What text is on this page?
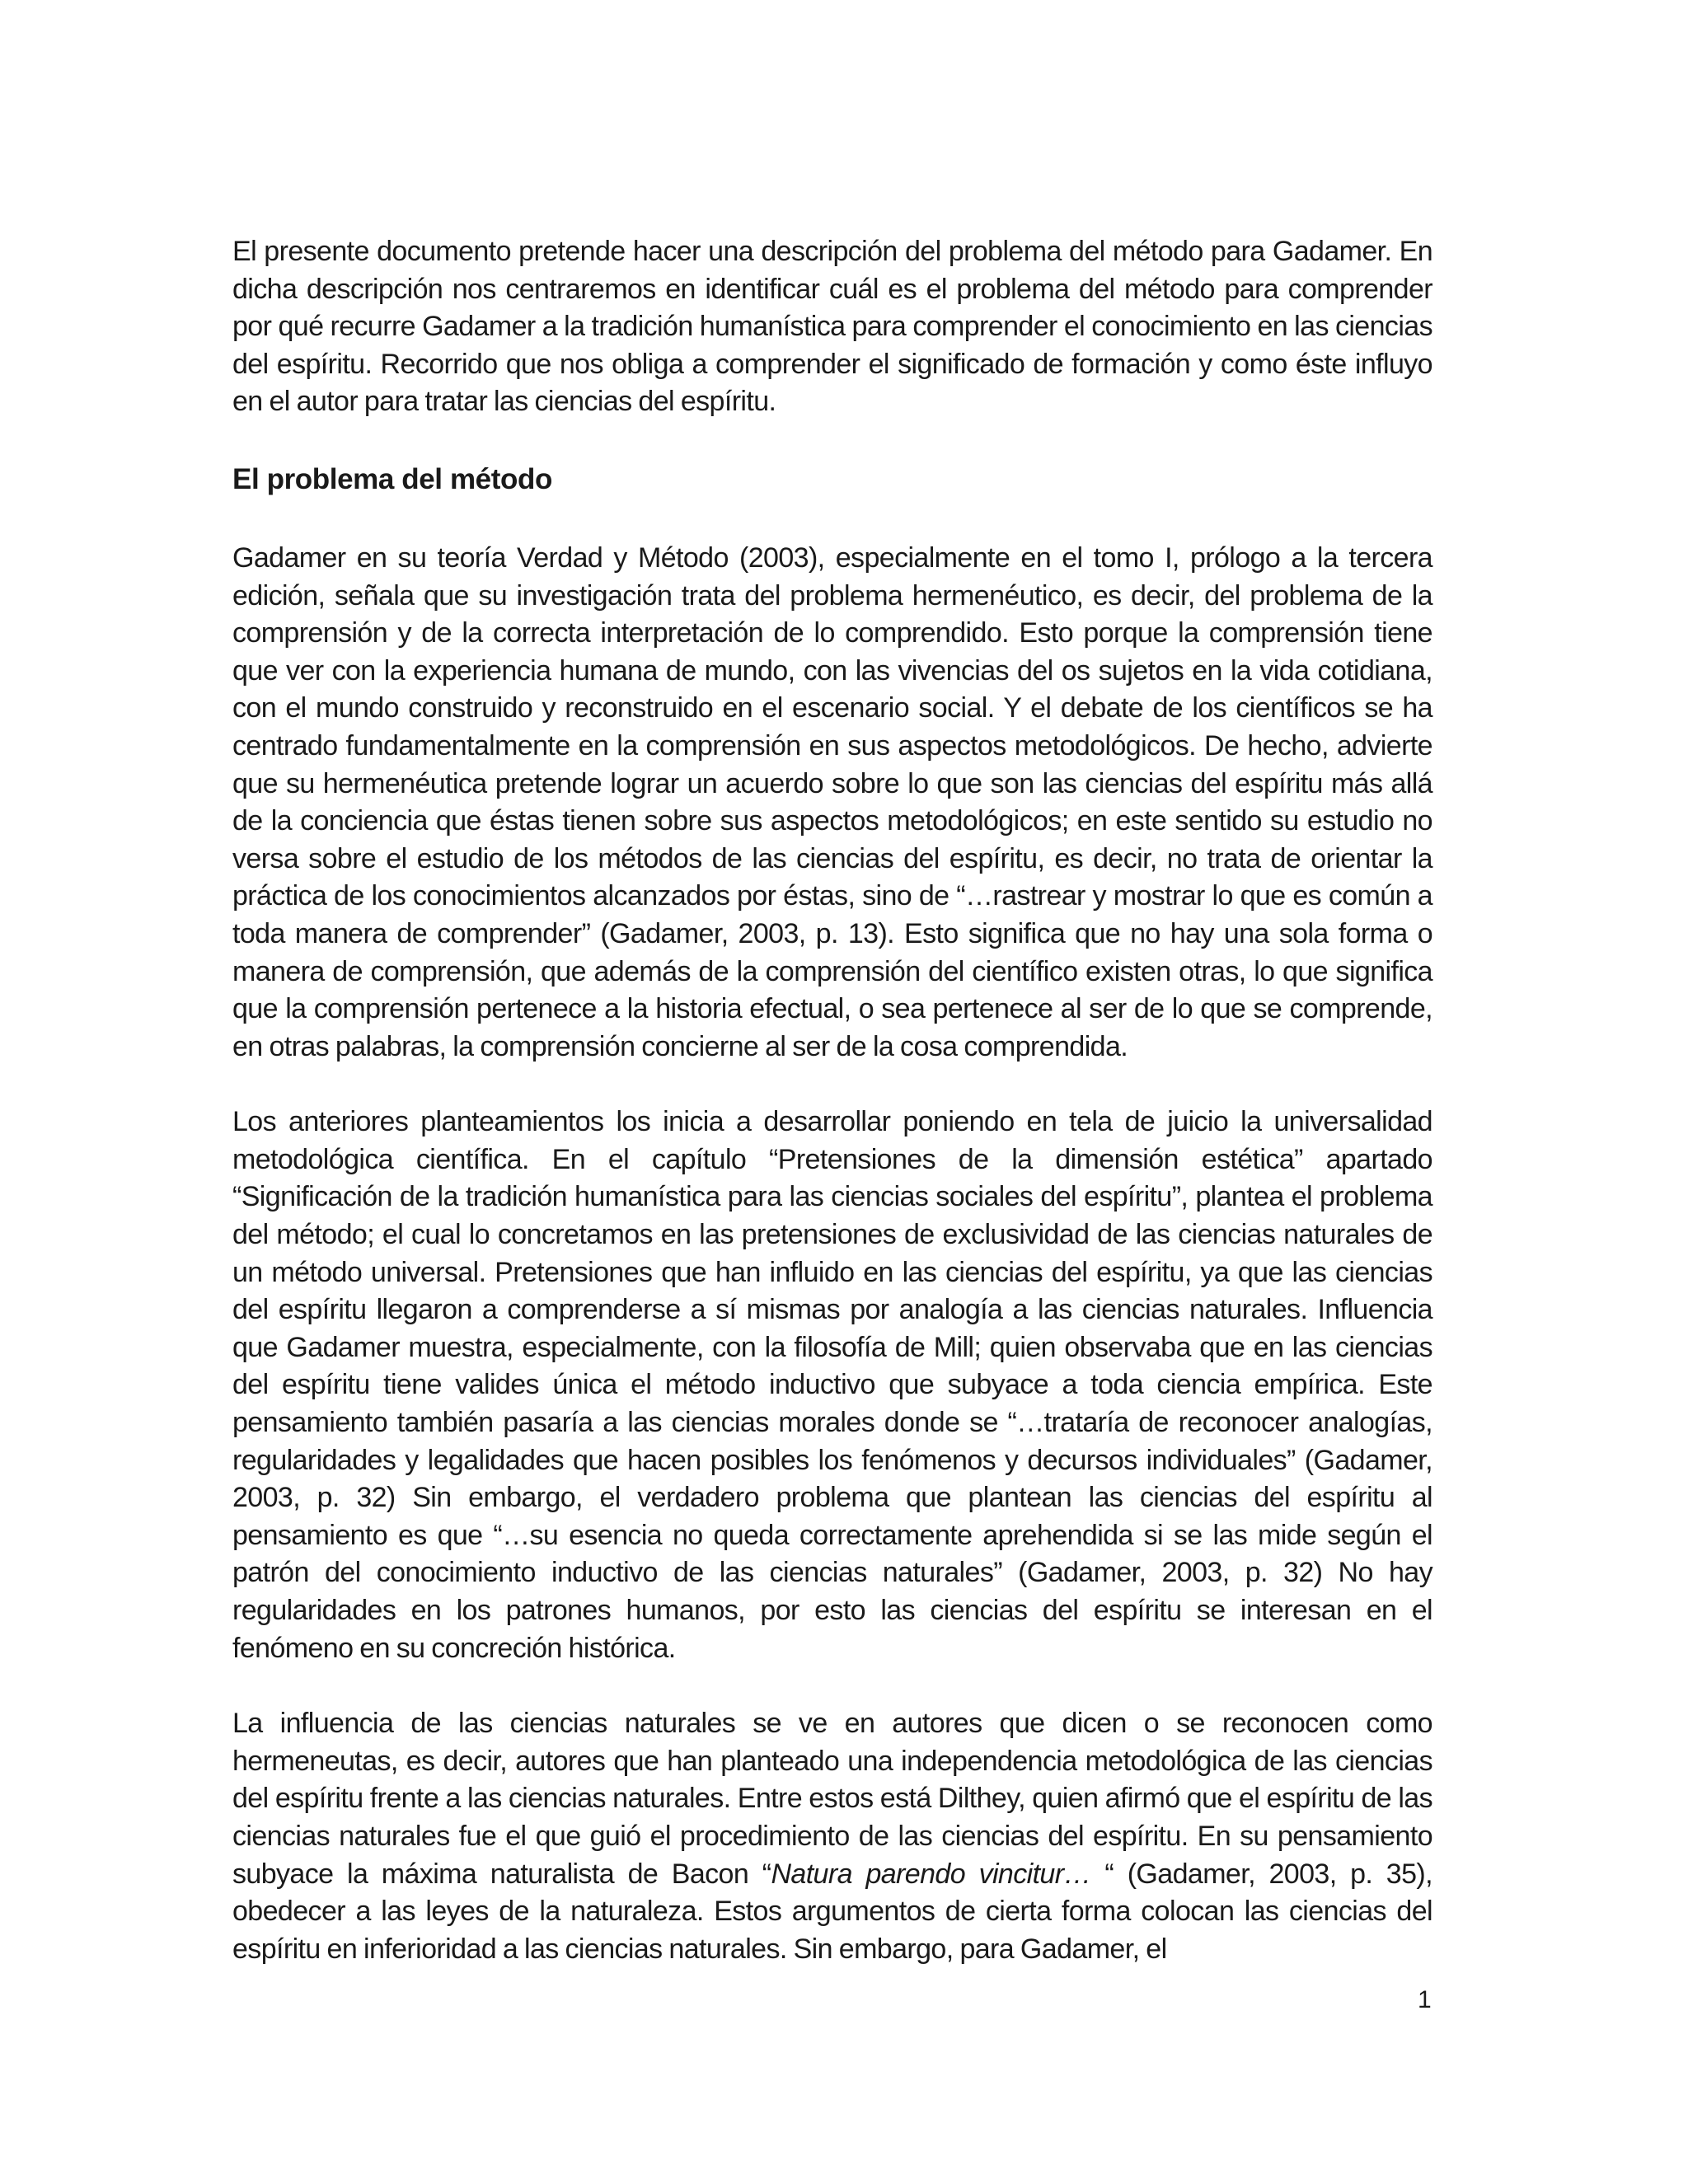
El presente documento pretende hacer una descripción del problema del método para Gadamer. En dicha descripción nos centraremos en identificar cuál es el problema del método para comprender por qué recurre Gadamer a la tradición humanística para comprender el conocimiento en las ciencias del espíritu. Recorrido que nos obliga a comprender el significado de formación y como éste influyo en el autor para tratar las ciencias del espíritu.

El problema del método

Gadamer en su teoría Verdad y Método (2003), especialmente en el tomo I, prólogo a la tercera edición, señala que su investigación trata del problema hermenéutico, es decir, del problema de la comprensión y de la correcta interpretación de lo comprendido. Esto porque la comprensión tiene que ver con la experiencia humana de mundo, con las vivencias del os sujetos en la vida cotidiana, con el mundo construido y reconstruido en el escenario social. Y el debate de los científicos se ha centrado fundamentalmente en la comprensión en sus aspectos metodológicos. De hecho, advierte que su hermenéutica pretende lograr un acuerdo sobre lo que son las ciencias del espíritu más allá de la conciencia que éstas tienen sobre sus aspectos metodológicos; en este sentido su estudio no versa sobre el estudio de los métodos de las ciencias del espíritu, es decir, no trata de orientar la práctica de los conocimientos alcanzados por éstas, sino de “…rastrear y mostrar lo que es común a toda manera de comprender” (Gadamer, 2003, p. 13). Esto significa que no hay una sola forma o manera de comprensión, que además de la comprensión del científico existen otras, lo que significa que la comprensión pertenece a la historia efectual, o sea pertenece al ser de lo que se comprende, en otras palabras, la comprensión concierne al ser de la cosa comprendida.

Los anteriores planteamientos los inicia a desarrollar poniendo en tela de juicio la universalidad metodológica científica. En el capítulo “Pretensiones de la dimensión estética” apartado “Significación de la tradición humanística para las ciencias sociales del espíritu”, plantea el problema del método; el cual lo concretamos en las pretensiones de exclusividad de las ciencias naturales de un método universal. Pretensiones que han influido en las ciencias del espíritu, ya que las ciencias del espíritu llegaron a comprenderse a sí mismas por analogía a las ciencias naturales. Influencia que Gadamer muestra, especialmente, con la filosofía de Mill; quien observaba que en las ciencias del espíritu tiene valides única el método inductivo que subyace a toda ciencia empírica. Este pensamiento también pasaría a las ciencias morales donde se “…trataría de reconocer analogías, regularidades y legalidades que hacen posibles los fenómenos y decursos individuales” (Gadamer, 2003, p. 32) Sin embargo, el verdadero problema que plantean las ciencias del espíritu al pensamiento es que “…su esencia no queda correctamente aprehendida si se las mide según el patrón del conocimiento inductivo de las ciencias naturales” (Gadamer, 2003, p. 32) No hay regularidades en los patrones humanos, por esto las ciencias del espíritu se interesan en el fenómeno en su concreción histórica.

La influencia de las ciencias naturales se ve en autores que dicen o se reconocen como hermeneutas, es decir, autores que han planteado una independencia metodológica de las ciencias del espíritu frente a las ciencias naturales. Entre estos está Dilthey, quien afirmó que el espíritu de las ciencias naturales fue el que guió el procedimiento de las ciencias del espíritu. En su pensamiento subyace la máxima naturalista de Bacon “Natura parendo vincitur… “ (Gadamer, 2003, p. 35), obedecer a las leyes de la naturaleza. Estos argumentos de cierta forma colocan las ciencias del espíritu en inferioridad a las ciencias naturales. Sin embargo, para Gadamer, el

1
